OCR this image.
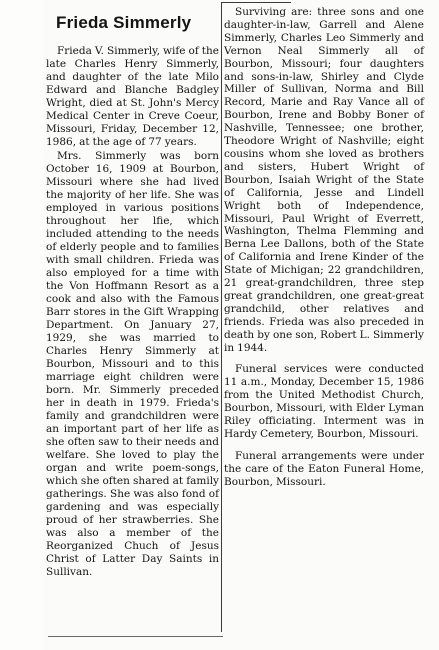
Frieda Simmerly

Frieda V. Simmerly, wife of the late Charles Henry Simmerly, and daughter of the late Milo Edward and Blanche Badgley Wright, died at St. John's Mercy Medical Center in Creve Coeur, Missouri, Friday, December 12, 1986, at the age of 77 years.

Mrs. Simmerly was born October 16, 1909 at Bourbon, Missouri where she had lived the majority of her life. She was employed in various positions throughout her lfie, which included attending to the needs of elderly people and to families with small children. Frieda was also employed for a time with the Von Hoffmann Resort as a cook and also with the Famous Barr stores in the Gift Wrapping Department. On January 27, 1929, she was married to Charles Henry Simmerly at Bourbon, Missouri and to this marriage eight children were born. Mr. Simmerly preceded her in death in 1979. Frieda's family and grandchildren were an important part of her life as she often saw to their needs and welfare. She loved to play the organ and write poem-songs, which she often shared at family gatherings. She was also fond of gardening and was especially proud of her strawberries. She was also a member of the Reorganized Chuch of Jesus Christ of Latter Day Saints in Sullivan.

Surviving are: three sons and one daughter-in-law, Garrell and Alene Simmerly, Charles Leo Simmerly and Vernon Neal Simmerly all of Bourbon, Missouri; four daughters and sons-in-law, Shirley and Clyde Miller of Sullivan, Norma and Bill Record, Marie and Ray Vance all of Bourbon, Irene and Bobby Boner of Nashville, Tennessee; one brother, Theodore Wright of Nashville; eight cousins whom she loved as brothers and sisters, Hubert Wright of Bourbon, Isaiah Wright of the State of California, Jesse and Lindell Wright both of Independence, Missouri, Paul Wright of Everrett, Washington, Thelma Flemming and Berna Lee Dallons, both of the State of California and Irene Kinder of the State of Michigan; 22 grandchildren, 21 great-grandchildren, three step great grandchildren, one great-great grandchild, other relatives and friends. Frieda was also preceded in death by one son, Robert L. Simmerly in 1944.

Funeral services were conducted 11 a.m., Monday, December 15, 1986 from the United Methodist Church, Bourbon, Missouri, with Elder Lyman Riley officiating. Interment was in Hardy Cemetery, Bourbon, Missouri.

Funeral arrangements were under the care of the Eaton Funeral Home, Bourbon, Missouri.
